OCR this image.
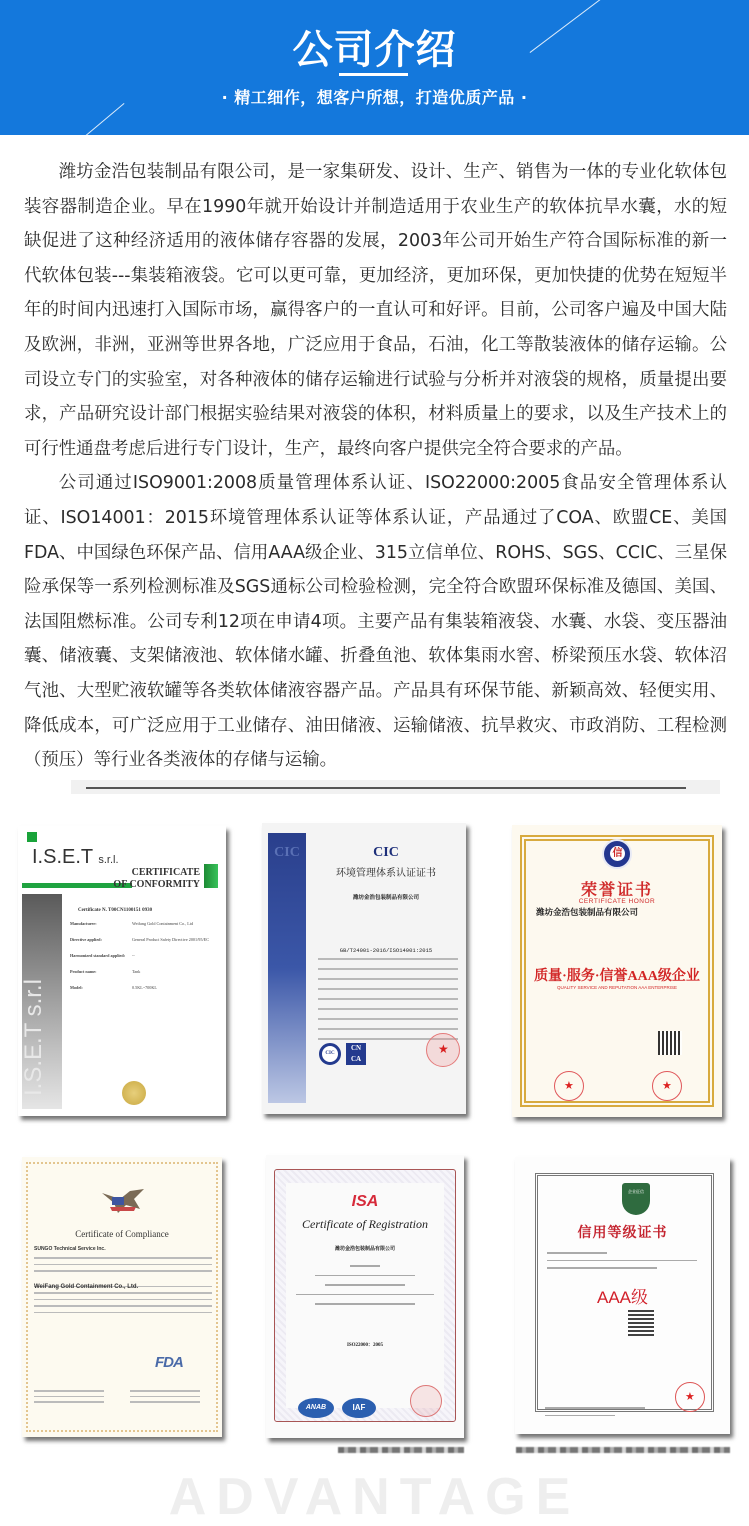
公司介绍
· 精工细作，想客户所想，打造优质产品 ·

潍坊金浩包装制品有限公司，是一家集研发、设计、生产、销售为一体的专业化软体包装容器制造企业。早在1990年就开始设计并制造适用于农业生产的软体抗旱水囊，水的短缺促进了这种经济适用的液体储存容器的发展，2003年公司开始生产符合国际标准的新一代软体包装---集装箱液袋。它可以更可靠，更加经济，更加环保，更加快捷的优势在短短半年的时间内迅速打入国际市场，赢得客户的一直认可和好评。目前，公司客户遍及中国大陆及欧洲，非洲，亚洲等世界各地，广泛应用于食品，石油，化工等散装液体的储存运输。公司设立专门的实验室，对各种液体的储存运输进行试验与分析并对液袋的规格，质量提出要求，产品研究设计部门根据实验结果对液袋的体积，材料质量上的要求，以及生产技术上的可行性通盘考虑后进行专门设计，生产，最终向客户提供完全符合要求的产品。

公司通过ISO9001:2008质量管理体系认证、ISO22000:2005食品安全管理体系认证、ISO14001：2015环境管理体系认证等体系认证，产品通过了COA、欧盟CE、美国FDA、中国绿色环保产品、信用AAA级企业、315立信单位、ROHS、SGS、CCIC、三星保险承保等一系列检测标准及SGS通标公司检验检测，完全符合欧盟环保标准及德国、美国、法国阻燃标准。公司专利12项在申请4项。主要产品有集装箱液袋、水囊、水袋、变压器油囊、储液囊、支架储液池、软体储水罐、折叠鱼池、软体集雨水窖、桥梁预压水袋、软体沼气池、大型贮液软罐等各类软体储液容器产品。产品具有环保节能、新颖高效、轻便实用、降低成本，可广泛应用于工业储存、油田储液、运输储液、抗旱救灾、市政消防、工程检测（预压）等行业各类液体的存储与运输。

I.S.E.T s.r.l.
CERTIFICATE
OF CONFORMITY
I.S.E.T s.r.l
Certificate N. T00CN1100151 0930
Manufacturer:	Weifang Gold Containment Co., Ltd
Directive applied:	General Product Safety Directive 2001/95/EC
Harmonized standard applied:	--
Product name:	Tank
Model:	0.5KL~700KL
CIC	CIC
环境管理体系认证证书
潍坊金浩包装制品有限公司
GB/T24001-2016/ISO14001:2015
CIC
CN CA
★
信
荣誉证书
CERTIFICATE HONOR
潍坊金浩包装制品有限公司
质量·服务·信誉AAA级企业
QUALITY SERVICE AND REPUTATION AAA ENTERPRISE
★	★
Certificate of Compliance
SUNGO Technical Service Inc.
WeiFang Gold Containment Co., Ltd.
FDA
ISA
Certificate of Registration
潍坊金浩包装制品有限公司
ISO22000：2005
ANAB	IAF
企业征信
信用等级证书
AAA级
★
ADVANTAGE
